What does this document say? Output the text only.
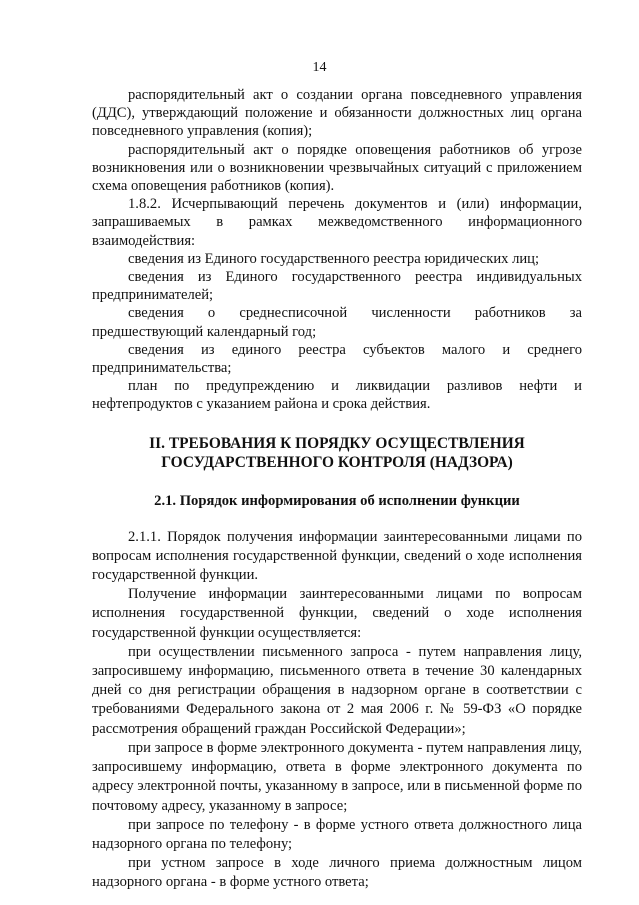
14

распорядительный акт о создании органа повседневного управления (ДДС), утверждающий положение и обязанности должностных лиц органа повседневного управления (копия);

распорядительный акт о порядке оповещения работников об угрозе возникновения или о возникновении чрезвычайных ситуаций с приложением схема оповещения работников (копия).

1.8.2. Исчерпывающий перечень документов и (или) информации, запрашиваемых в рамках межведомственного информационного взаимодействия:

сведения из Единого государственного реестра юридических лиц;

сведения из Единого государственного реестра индивидуальных предпринимателей;

сведения о среднесписочной численности работников за предшествующий календарный год;

сведения из единого реестра субъектов малого и среднего предпринимательства;

план по предупреждению и ликвидации разливов нефти и нефтепродуктов с указанием района и срока действия.

II. ТРЕБОВАНИЯ К ПОРЯДКУ ОСУЩЕСТВЛЕНИЯ
ГОСУДАРСТВЕННОГО КОНТРОЛЯ (НАДЗОРА)
2.1. Порядок информирования об исполнении функции

2.1.1. Порядок получения информации заинтересованными лицами по вопросам исполнения государственной функции, сведений о ходе исполнения государственной функции.

Получение информации заинтересованными лицами по вопросам исполнения государственной функции, сведений о ходе исполнения государственной функции осуществляется:

при осуществлении письменного запроса - путем направления лицу, запросившему информацию, письменного ответа в течение 30 календарных дней со дня регистрации обращения в надзорном органе в соответствии с требованиями Федерального закона от 2 мая 2006 г. № 59-ФЗ «О порядке рассмотрения обращений граждан Российской Федерации»;

при запросе в форме электронного документа - путем направления лицу, запросившему информацию, ответа в форме электронного документа по адресу электронной почты, указанному в запросе, или в письменной форме по почтовому адресу, указанному в запросе;

при запросе по телефону - в форме устного ответа должностного лица надзорного органа по телефону;

при устном запросе в ходе личного приема должностным лицом надзорного органа - в форме устного ответа;
